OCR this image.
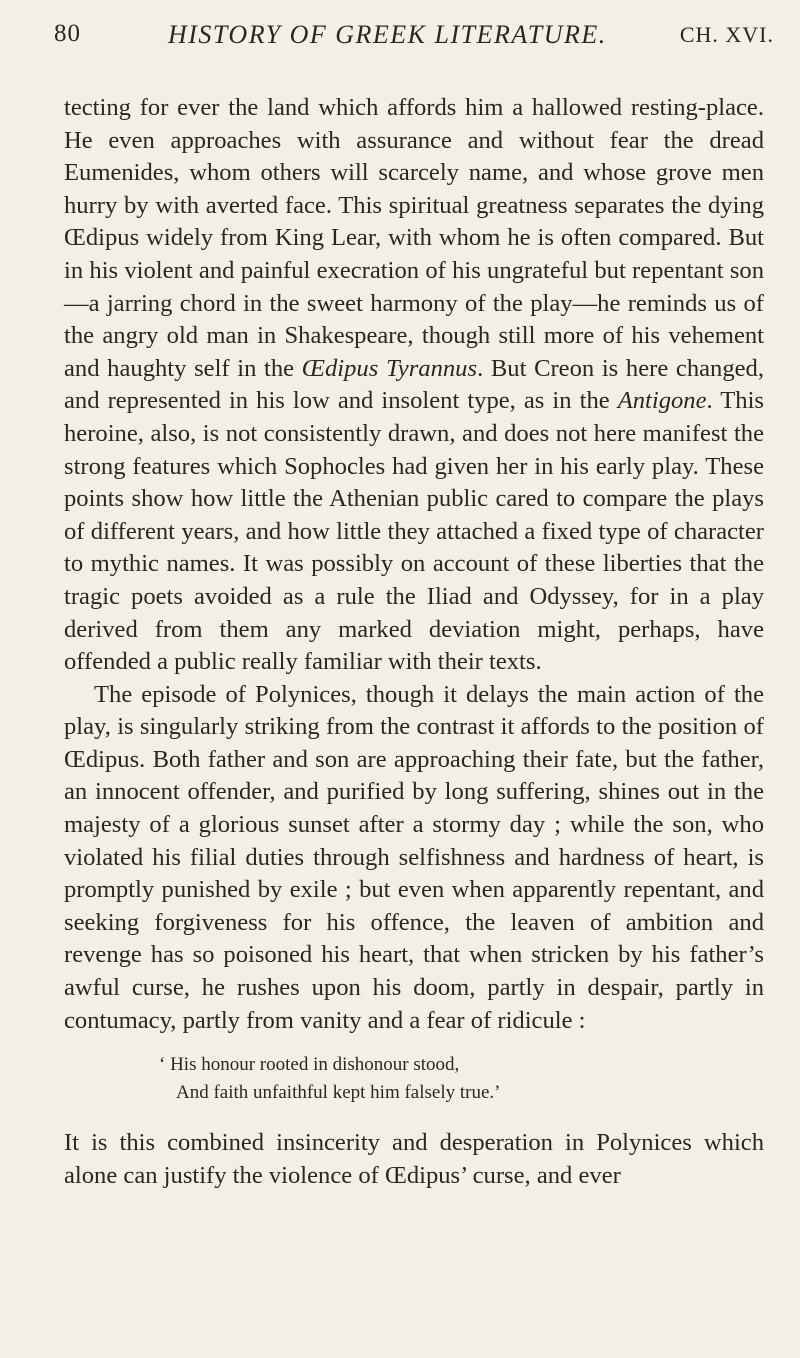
80	HISTORY OF GREEK LITERATURE.	CH. XVI.

tecting for ever the land which affords him a hallowed resting-place. He even approaches with assurance and without fear the dread Eumenides, whom others will scarcely name, and whose grove men hurry by with averted face. This spiritual greatness separates the dying Œdipus widely from King Lear, with whom he is often compared. But in his violent and painful execration of his ungrateful but repentant son—a jarring chord in the sweet harmony of the play—he reminds us of the angry old man in Shakespeare, though still more of his vehement and haughty self in the Œdipus Tyrannus. But Creon is here changed, and represented in his low and insolent type, as in the Antigone. This heroine, also, is not consistently drawn, and does not here manifest the strong features which Sophocles had given her in his early play. These points show how little the Athenian public cared to compare the plays of different years, and how little they attached a fixed type of character to mythic names. It was possibly on account of these liberties that the tragic poets avoided as a rule the Iliad and Odyssey, for in a play derived from them any marked deviation might, perhaps, have offended a public really familiar with their texts.

The episode of Polynices, though it delays the main action of the play, is singularly striking from the contrast it affords to the position of Œdipus. Both father and son are approaching their fate, but the father, an innocent offender, and purified by long suffering, shines out in the majesty of a glorious sunset after a stormy day ; while the son, who violated his filial duties through selfishness and hardness of heart, is promptly punished by exile ; but even when apparently repentant, and seeking forgiveness for his offence, the leaven of ambition and revenge has so poisoned his heart, that when stricken by his father’s awful curse, he rushes upon his doom, partly in despair, partly in contumacy, partly from vanity and a fear of ridicule :

‘ His honour rooted in dishonour stood,
And faith unfaithful kept him falsely true.’

It is this combined insincerity and desperation in Polynices which alone can justify the violence of Œdipus’ curse, and ever
